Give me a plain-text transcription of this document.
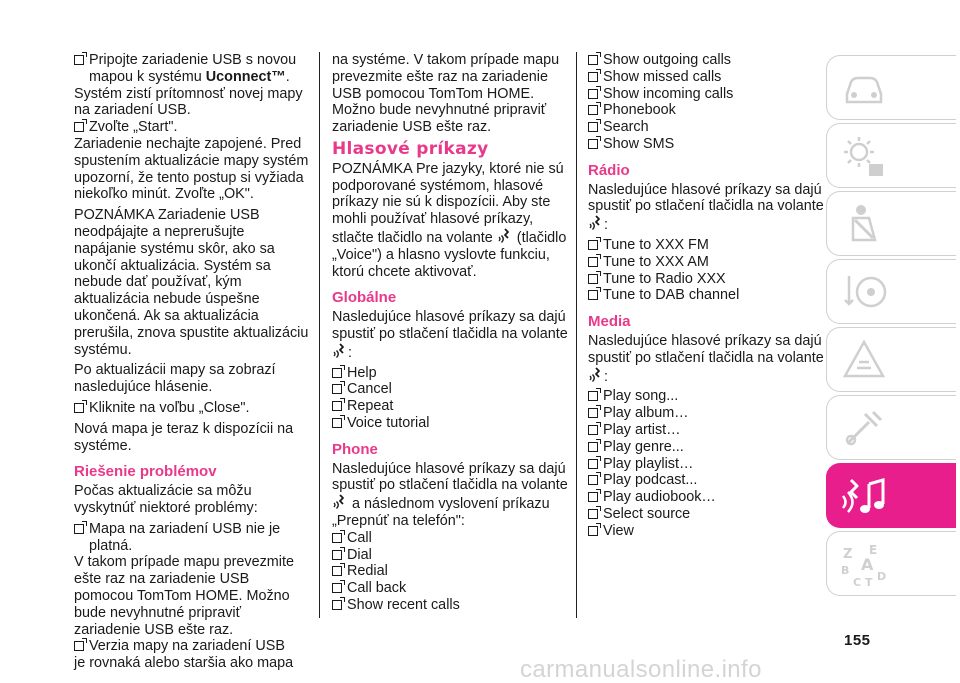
Pripojte zariadenie USB s novou mapou k systému Uconnect™.
Systém zistí prítomnosť novej mapy na zariadení USB.
Zvoľte „Start".
Zariadenie nechajte zapojené. Pred spustením aktualizácie mapy systém upozorní, že tento postup si vyžiada niekoľko minút. Zvoľte „OK".
POZNÁMKA Zariadenie USB neodpájajte a neprerušujte napájanie systému skôr, ako sa ukončí aktualizácia. Systém sa nebude dať používať, kým aktualizácia nebude úspešne ukončená. Ak sa aktualizácia prerušila, znova spustite aktualizáciu systému.
Po aktualizácii mapy sa zobrazí nasledujúce hlásenie.
Kliknite na voľbu „Close".
Nová mapa je teraz k dispozícii na systéme.
Riešenie problémov
Počas aktualizácie sa môžu vyskytnúť niektoré problémy:
Mapa na zariadení USB nie je platná.
V takom prípade mapu prevezmite ešte raz na zariadenie USB pomocou TomTom HOME. Možno bude nevyhnutné pripraviť zariadenie USB ešte raz.
Verzia mapy na zariadení USB
je rovnaká alebo staršia ako mapa
na systéme. V takom prípade mapu prevezmite ešte raz na zariadenie USB pomocou TomTom HOME. Možno bude nevyhnutné pripraviť zariadenie USB ešte raz.
Hlasové príkazy
POZNÁMKA Pre jazyky, ktoré nie sú podporované systémom, hlasové príkazy nie sú k dispozícii. Aby ste mohli používať hlasové príkazy, stlačte tlačidlo na volante  (tlačidlo „Voice") a hlasno vyslovte funkciu, ktorú chcete aktivovať.
Globálne
Nasledujúce hlasové príkazy sa dajú spustiť po stlačení tlačidla na volante
:
Help
Cancel
Repeat
Voice tutorial
Phone
Nasledujúce hlasové príkazy sa dajú spustiť po stlačení tlačidla na volante
a následnom vyslovení príkazu „Prepnúť na telefón":
Call
Dial
Redial
Call back
Show recent calls
Show outgoing calls
Show missed calls
Show incoming calls
Phonebook
Search
Show SMS
Rádio
Nasledujúce hlasové príkazy sa dajú spustiť po stlačení tlačidla na volante
:
Tune to XXX FM
Tune to XXX AM
Tune to Radio XXX
Tune to DAB channel
Media
Nasledujúce hlasové príkazy sa dajú spustiť po stlačení tlačidla na volante
:
Play song...
Play album…
Play artist…
Play genre...
Play playlist…
Play podcast...
Play audiobook…
Select source
View
Z E
B A
C T D
155
carmanualsonline.info
